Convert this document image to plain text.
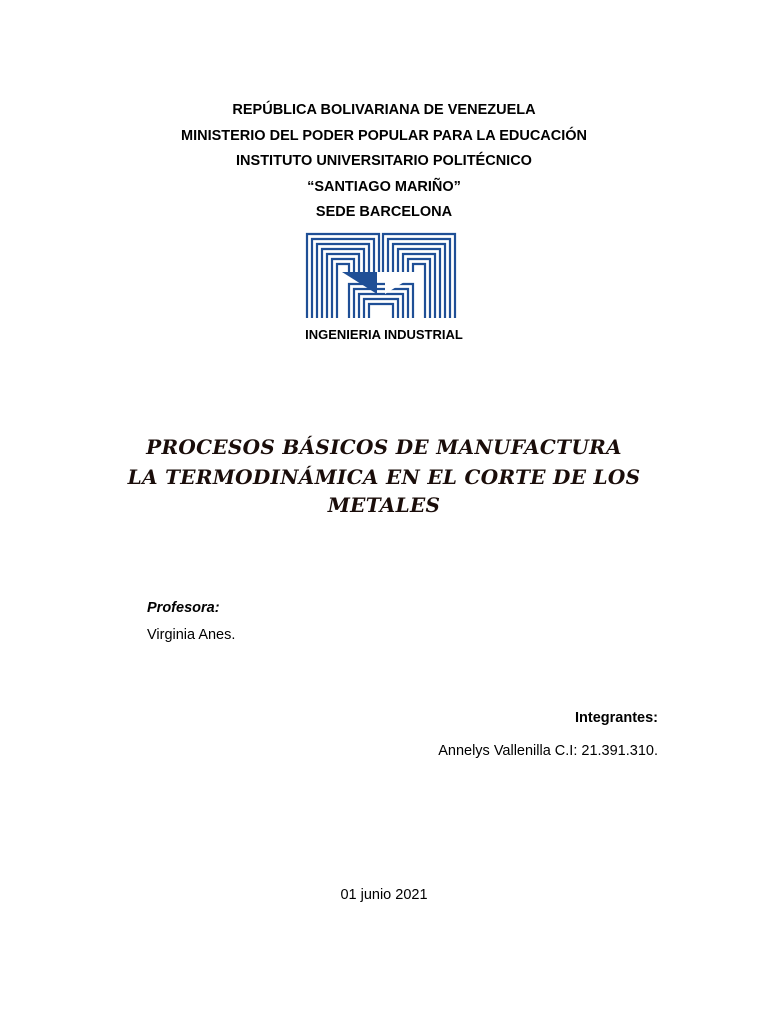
REPÚBLICA BOLIVARIANA DE VENEZUELA

MINISTERIO DEL PODER POPULAR PARA LA EDUCACIÓN

INSTITUTO UNIVERSITARIO POLITÉCNICO

“SANTIAGO MARIÑO”

SEDE BARCELONA

INGENIERIA INDUSTRIAL
PROCESOS BÁSICOS DE MANUFACTURA
LA TERMODINÁMICA EN EL CORTE DE LOS
METALES
Profesora:
Virginia Anes.
Integrantes:
Annelys Vallenilla C.I: 21.391.310.
01 junio 2021
